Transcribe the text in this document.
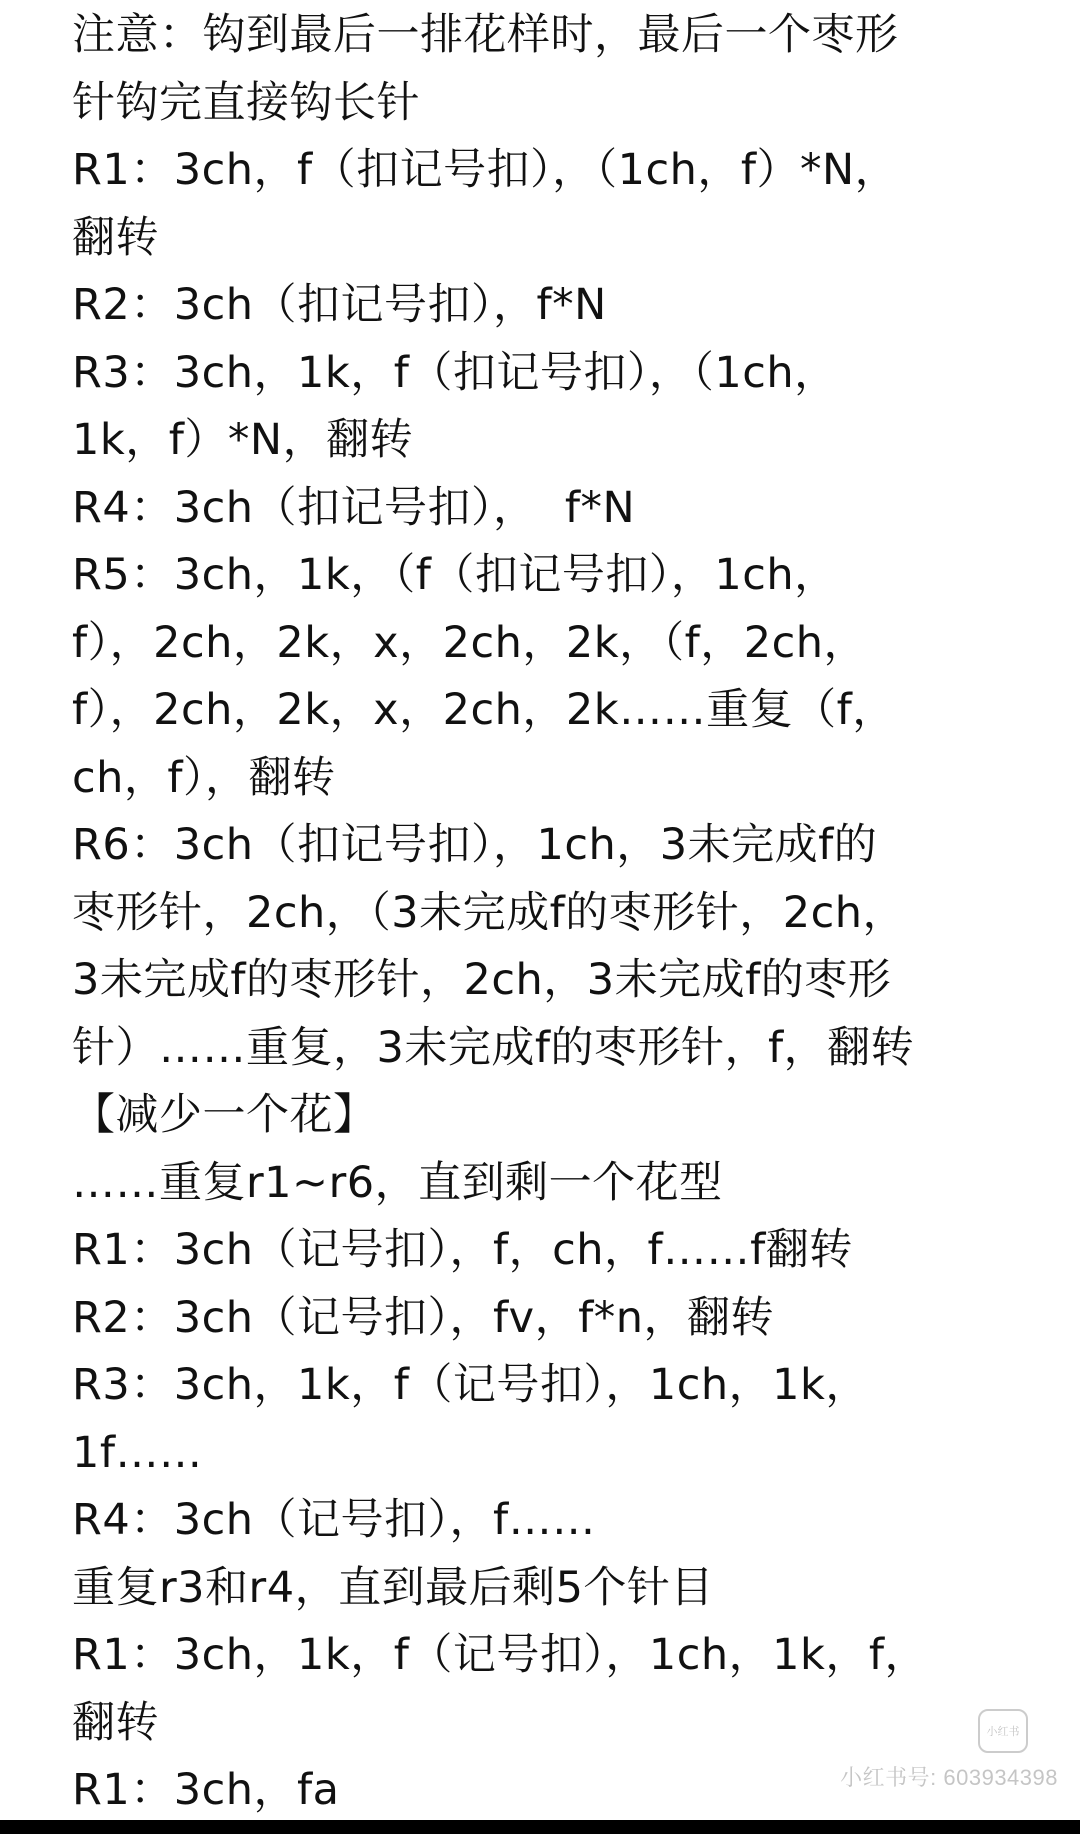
注意：钩到最后一排花样时，最后一个枣形
针钩完直接钩长针
R1：3ch，f（扣记号扣），（1ch，f）*N，
翻转
R2：3ch（扣记号扣），f*N
R3：3ch，1k，f（扣记号扣），（1ch，
1k，f）*N，翻转
R4：3ch（扣记号扣），  f*N
R5：3ch，1k，（f（扣记号扣），1ch，
f），2ch，2k，x，2ch，2k，（f，2ch，
f），2ch，2k，x，2ch，2k……重复（f，
ch，f），翻转
R6：3ch（扣记号扣），1ch，3未完成f的
枣形针，2ch，（3未完成f的枣形针，2ch，
3未完成f的枣形针，2ch，3未完成f的枣形
针）……重复，3未完成f的枣形针，f，翻转
【减少一个花】
……重复r1~r6，直到剩一个花型
R1：3ch（记号扣），f，ch，f……f翻转
R2：3ch（记号扣），fv，f*n，翻转
R3：3ch，1k，f（记号扣），1ch，1k，
1f……
R4：3ch（记号扣），f……
重复r3和r4，直到最后剩5个针目
R1：3ch，1k，f（记号扣），1ch，1k，f，
翻转
R1：3ch，fa
小红书
小红书号: 603934398
